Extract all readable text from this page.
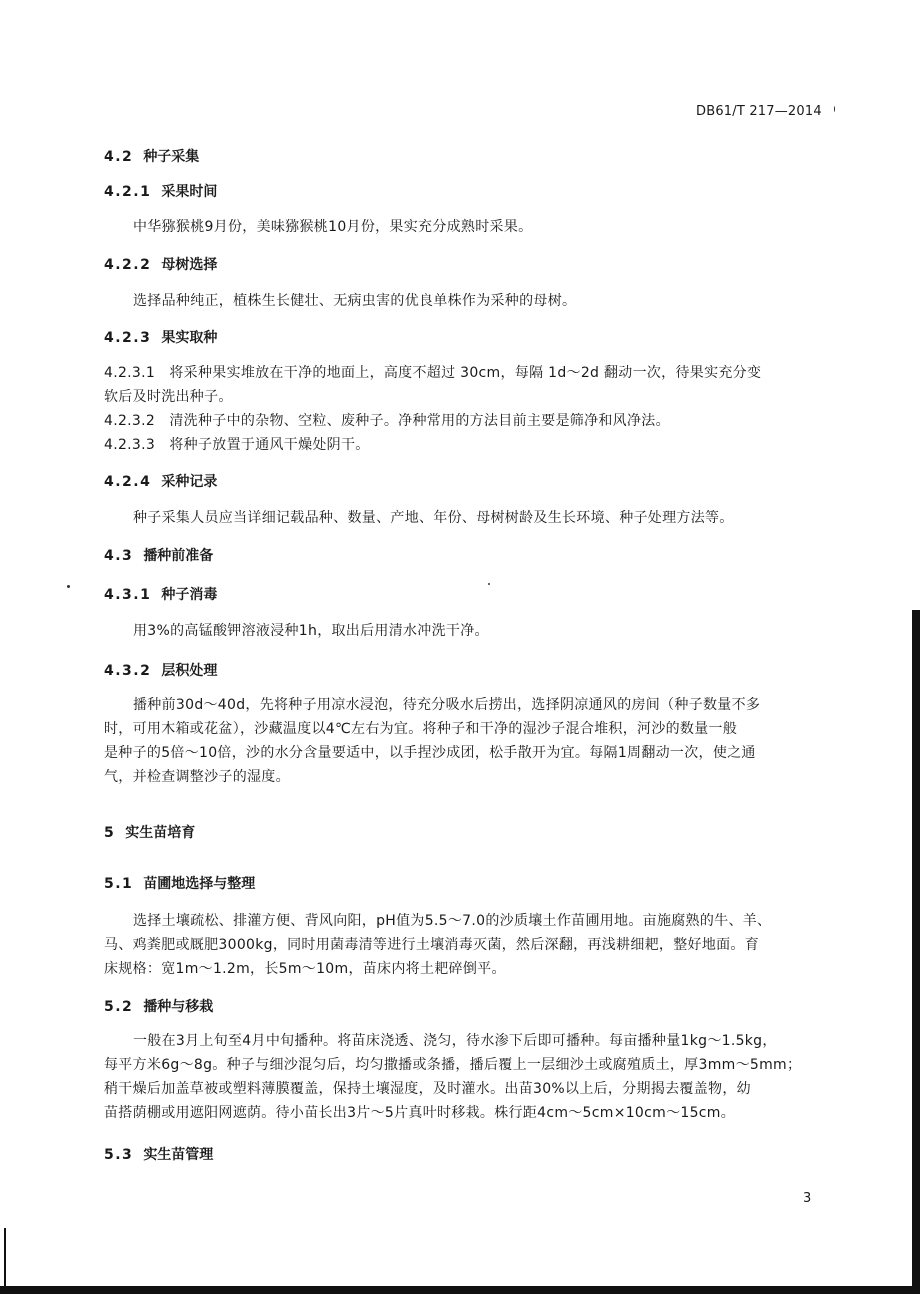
DB61/T 217—2014
4.2 种子采集
4.2.1 采果时间
中华猕猴桃9月份，美味猕猴桃10月份，果实充分成熟时采果。
4.2.2 母树选择
选择品种纯正，植株生长健壮、无病虫害的优良单株作为采种的母树。
4.2.3 果实取种
4.2.3.1　将采种果实堆放在干净的地面上，高度不超过 30cm，每隔 1d～2d 翻动一次，待果实充分变
软后及时洗出种子。
4.2.3.2　清洗种子中的杂物、空粒、废种子。净种常用的方法目前主要是筛净和风净法。
4.2.3.3　将种子放置于通风干燥处阴干。
4.2.4 采种记录
种子采集人员应当详细记载品种、数量、产地、年份、母树树龄及生长环境、种子处理方法等。
4.3 播种前准备
4.3.1 种子消毒
用3%的高锰酸钾溶液浸种1h，取出后用清水冲洗干净。
4.3.2 层积处理
播种前30d～40d，先将种子用凉水浸泡，待充分吸水后捞出，选择阴凉通风的房间（种子数量不多
时，可用木箱或花盆），沙藏温度以4℃左右为宜。将种子和干净的湿沙子混合堆积，河沙的数量一般
是种子的5倍～10倍，沙的水分含量要适中，以手捏沙成团，松手散开为宜。每隔1周翻动一次，使之通
气，并检查调整沙子的湿度。
5 实生苗培育
5.1 苗圃地选择与整理
选择土壤疏松、排灌方便、背风向阳，pH值为5.5～7.0的沙质壤土作苗圃用地。亩施腐熟的牛、羊、
马、鸡粪肥或厩肥3000kg，同时用菌毒清等进行土壤消毒灭菌，然后深翻，再浅耕细耙，整好地面。育
床规格：宽1m～1.2m，长5m～10m，苗床内将土耙碎倒平。
5.2 播种与移栽
一般在3月上旬至4月中旬播种。将苗床浇透、浇匀，待水渗下后即可播种。每亩播种量1kg～1.5kg，
每平方米6g～8g。种子与细沙混匀后，均匀撒播或条播，播后覆上一层细沙土或腐殖质土，厚3mm～5mm；
稍干燥后加盖草被或塑料薄膜覆盖，保持土壤湿度，及时灌水。出苗30%以上后，分期揭去覆盖物，幼
苗搭荫棚或用遮阳网遮荫。待小苗长出3片～5片真叶时移栽。株行距4cm～5cm×10cm～15cm。
5.3 实生苗管理
3
